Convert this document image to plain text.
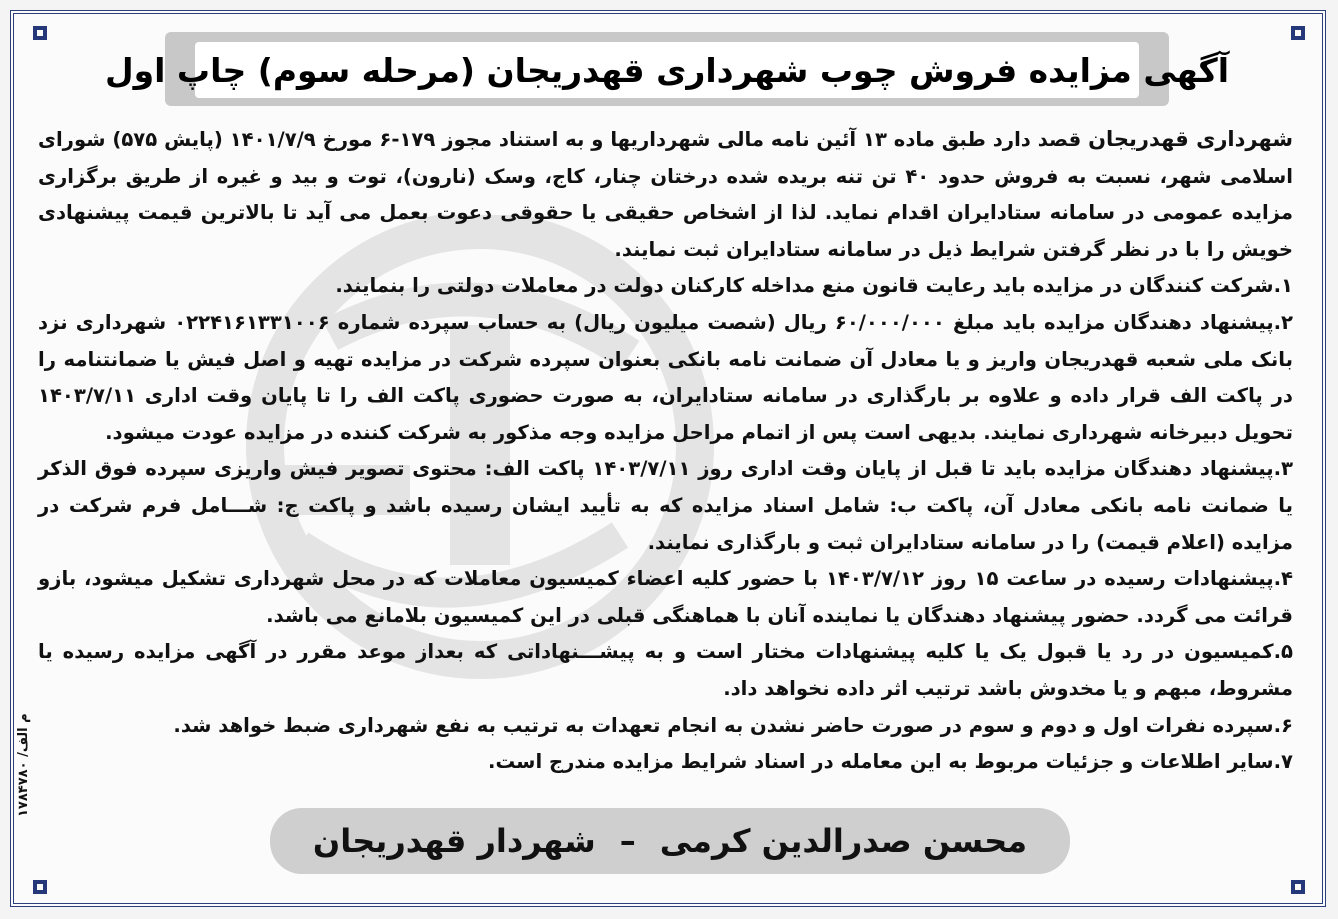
آگهی مزایده فروش چوب شهرداری قهدریجان (مرحله سوم) چاپ اول

شهرداری قهدریجان قصد دارد طبق ماده ۱۳ آئین نامه مالی شهرداریها و به استناد مجوز ۱۷۹-۶ مورخ ۱۴۰۱/۷/۹ (پایش ۵۷۵) شورای اسلامی شهر، نسبت به فروش حدود ۴۰ تن تنه بریده شده درختان چنار، کاج، وسک (نارون)، توت و بید و غیره از طریق برگزاری مزایده عمومی در سامانه ستادایران اقدام نماید. لذا از اشخاص حقیقی یا حقوقی دعوت بعمل می آید تا بالاترین قیمت پیشنهادی خویش را با در نظر گرفتن شرایط ذیل در سامانه ستادایران ثبت نمایند.

۱.شرکت کنندگان در مزایده باید رعایت قانون منع مداخله کارکنان دولت در معاملات دولتی را بنمایند.

۲.پیشنهاد دهندگان مزایده باید مبلغ ۶۰/۰۰۰/۰۰۰ ریال (شصت میلیون ریال) به حساب سپرده شماره ۰۲۲۴۱۶۱۳۳۱۰۰۶ شهرداری نزد بانک ملی شعبه قهدریجان واریز و یا معادل آن ضمانت نامه بانکی بعنوان سپرده شرکت در مزایده تهیه و اصل فیش یا ضمانتنامه را در پاکت الف قرار داده و علاوه بر بارگذاری در سامانه ستادایران، به صورت حضوری پاکت الف را تا پایان وقت اداری ۱۴۰۳/۷/۱۱ تحویل دبیرخانه شهرداری نمایند. بدیهی است پس از اتمام مراحل مزایده وجه مذکور به شرکت کننده در مزایده عودت میشود.

۳.پیشنهاد دهندگان مزایده باید تا قبل از پایان وقت اداری روز ۱۴۰۳/۷/۱۱ پاکت الف: محتوی تصویر فیش واریزی سپرده فوق الذکر یا ضمانت نامه بانکی معادل آن، پاکت ب: شامل اسناد مزایده که به تأیید ایشان رسیده باشد و پاکت ج: شـــامل فرم شرکت در مزایده (اعلام قیمت) را در سامانه ستادایران ثبت و بارگذاری نمایند.

۴.پیشنهادات رسیده در ساعت ۱۵ روز ۱۴۰۳/۷/۱۲ با حضور کلیه اعضاء کمیسیون معاملات که در محل شهرداری تشکیل میشود، بازو قرائت می گردد. حضور پیشنهاد دهندگان یا نماینده آنان با هماهنگی قبلی در این کمیسیون بلامانع می باشد.

۵.کمیسیون در رد یا قبول یک یا کلیه پیشنهادات مختار است و به پیشـــنهاداتی که بعداز موعد مقرر در آگهی مزایده رسیده یا مشروط، مبهم و یا مخدوش باشد ترتیب اثر داده نخواهد داد.

۶.سپرده نفرات اول و دوم و سوم در صورت حاضر نشدن به انجام تعهدات به ترتیب به نفع شهرداری ضبط خواهد شد.

۷.سایر اطلاعات و جزئیات مربوط به این معامله در اسناد شرایط مزایده مندرج است.

م الف/ ۱۷۸۴۷۸۰
محسن صدرالدین کرمی–شهردار قهدریجان
